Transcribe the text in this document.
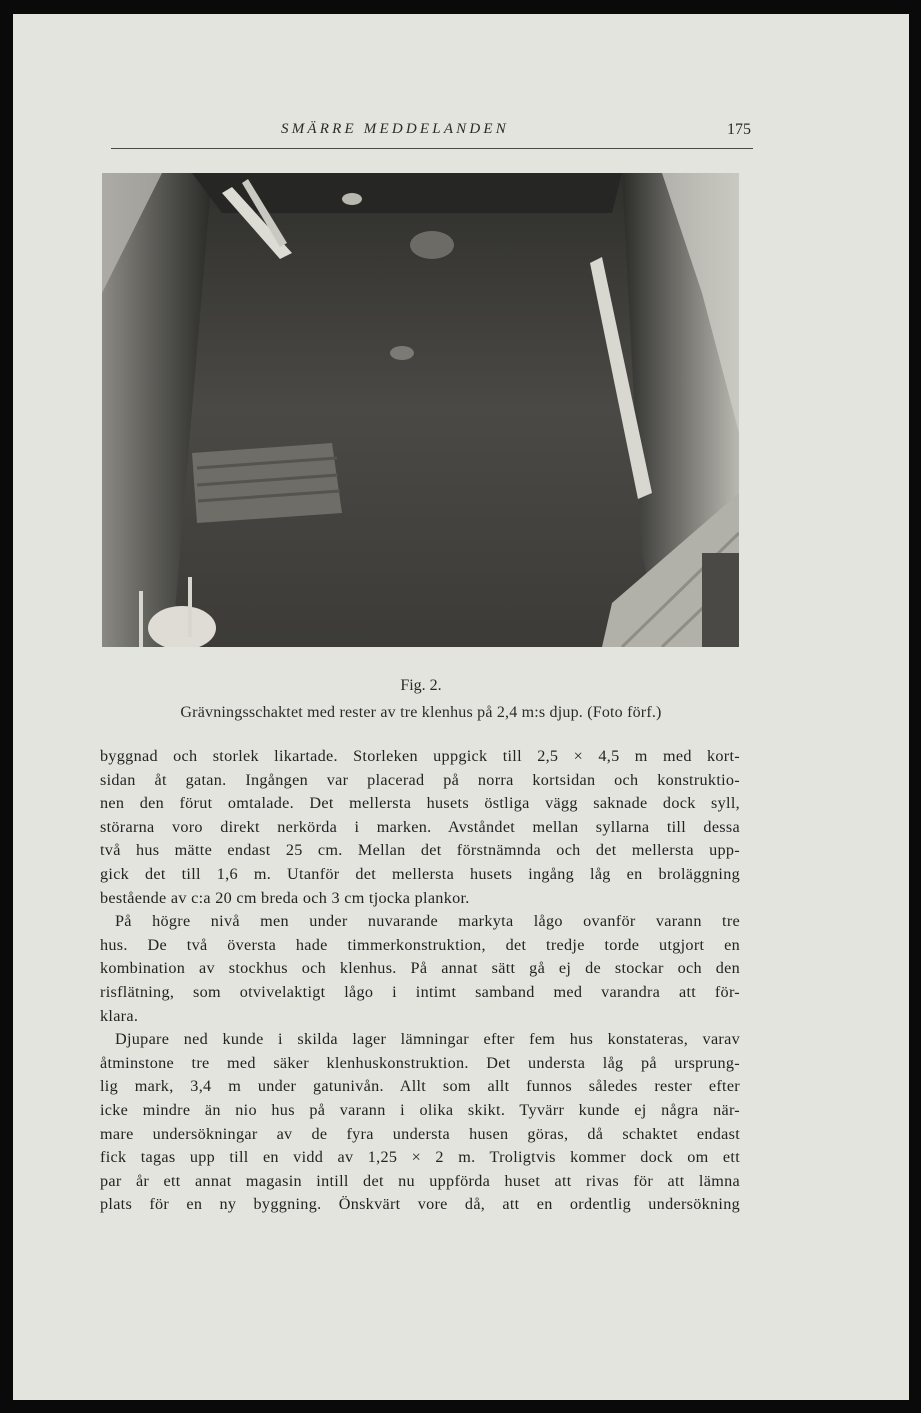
SMÄRRE MEDDELANDEN	175
Fig. 2.
Grävningsschaktet med rester av tre klenhus på 2,4 m:s djup. (Foto förf.)
byggnad och storlek likartade. Storleken uppgick till 2,5 × 4,5 m med kort-
sidan åt gatan. Ingången var placerad på norra kortsidan och konstruktio-
nen den förut omtalade. Det mellersta husets östliga vägg saknade dock syll,
störarna voro direkt nerkörda i marken. Avståndet mellan syllarna till dessa
två hus mätte endast 25 cm. Mellan det förstnämnda och det mellersta upp-
gick det till 1,6 m. Utanför det mellersta husets ingång låg en broläggning
bestående av c:a 20 cm breda och 3 cm tjocka plankor.
På högre nivå men under nuvarande markyta lågo ovanför varann tre
hus. De två översta hade timmerkonstruktion, det tredje torde utgjort en
kombination av stockhus och klenhus. På annat sätt gå ej de stockar och den
risflätning, som otvivelaktigt lågo i intimt samband med varandra att för-
klara.
Djupare ned kunde i skilda lager lämningar efter fem hus konstateras, varav
åtminstone tre med säker klenhuskonstruktion. Det understa låg på ursprung-
lig mark, 3,4 m under gatunivån. Allt som allt funnos således rester efter
icke mindre än nio hus på varann i olika skikt. Tyvärr kunde ej några när-
mare undersökningar av de fyra understa husen göras, då schaktet endast
fick tagas upp till en vidd av 1,25 × 2 m. Troligtvis kommer dock om ett
par år ett annat magasin intill det nu uppförda huset att rivas för att lämna
plats för en ny byggning. Önskvärt vore då, att en ordentlig undersökning
